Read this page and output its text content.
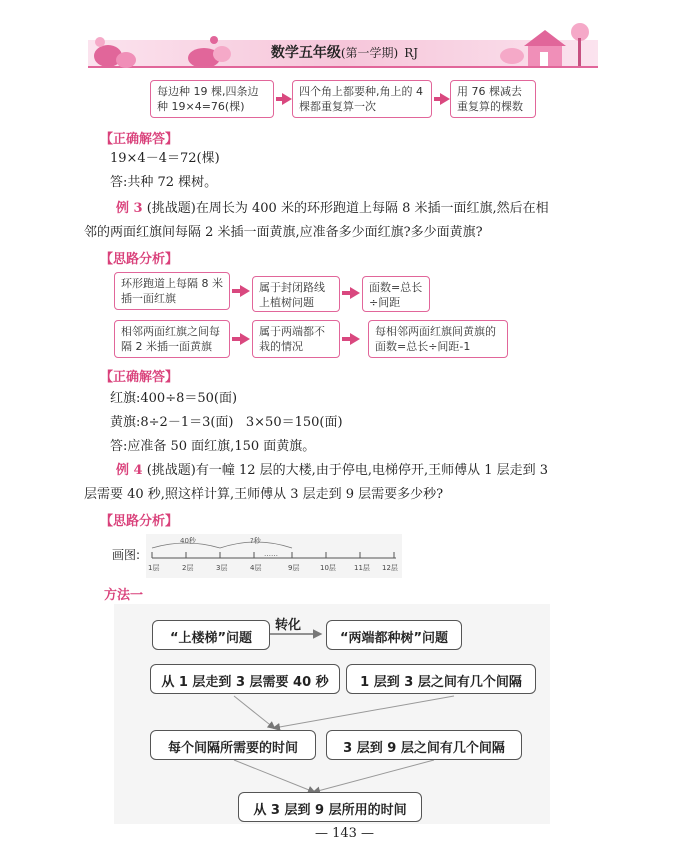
数学五年级(第一学期) RJ
每边种 19 棵,四条边种 19×4=76(棵)
四个角上都要种,角上的 4 棵都重复算一次
用 76 棵减去重复算的棵数
【正确解答】
19×4－4＝72(棵)
答:共种 72 棵树。
例 3 (挑战题)在周长为 400 米的环形跑道上每隔 8 米插一面红旗,然后在相
邻的两面红旗间每隔 2 米插一面黄旗,应准备多少面红旗?多少面黄旗?
【思路分析】
环形跑道上每隔 8 米插一面红旗
属于封闭路线上植树问题
面数=总长÷间距
相邻两面红旗之间每隔 2 米插一面黄旗
属于两端都不栽的情况
每相邻两面红旗间黄旗的面数=总长÷间距-1
【正确解答】
红旗:400÷8＝50(面)
黄旗:8÷2－1＝3(面)   3×50＝150(面)
答:应准备 50 面红旗,150 面黄旗。
例 4 (挑战题)有一幢 12 层的大楼,由于停电,电梯停开,王师傅从 1 层走到 3
层需要 40 秒,照这样计算,王师傅从 3 层走到 9 层需要多少秒?
【思路分析】
画图:
40秒	?秒
……
1层	2层	3层	4层	9层	10层	11层 12层
方法一
“上楼梯”问题
转化
“两端都种树”问题
从 1 层走到 3 层需要 40 秒	1 层到 3 层之间有几个间隔
每个间隔所需要的时间	3 层到 9 层之间有几个间隔
从 3 层到 9 层所用的时间
— 143 —
